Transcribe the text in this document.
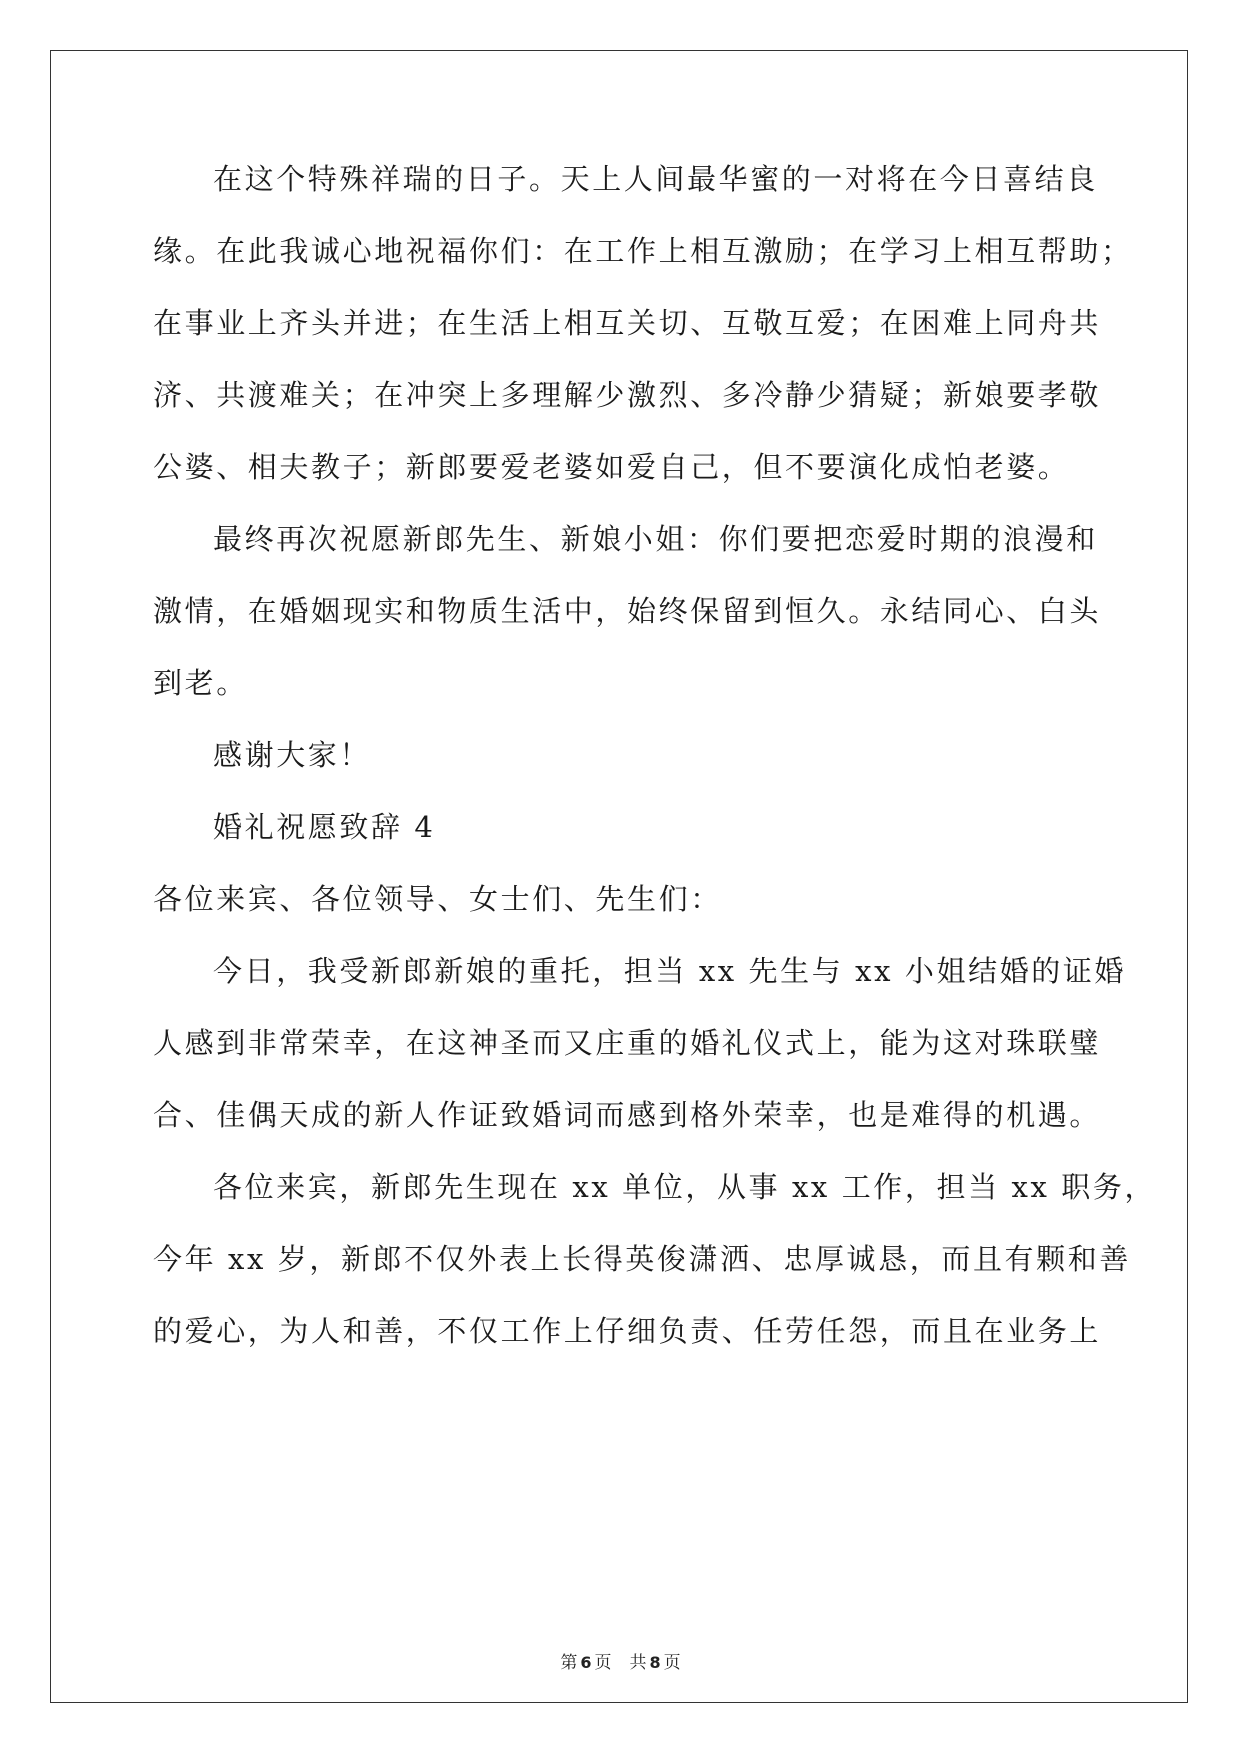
在这个特殊祥瑞的日子。天上人间最华蜜的一对将在今日喜结良
缘。在此我诚心地祝福你们：在工作上相互激励；在学习上相互帮助；
在事业上齐头并进；在生活上相互关切、互敬互爱；在困难上同舟共
济、共渡难关；在冲突上多理解少激烈、多冷静少猜疑；新娘要孝敬
公婆、相夫教子；新郎要爱老婆如爱自己，但不要演化成怕老婆。
最终再次祝愿新郎先生、新娘小姐：你们要把恋爱时期的浪漫和
激情，在婚姻现实和物质生活中，始终保留到恒久。永结同心、白头
到老。
感谢大家！
婚礼祝愿致辞 4
各位来宾、各位领导、女士们、先生们：
今日，我受新郎新娘的重托，担当 xx 先生与 xx 小姐结婚的证婚
人感到非常荣幸，在这神圣而又庄重的婚礼仪式上，能为这对珠联璧
合、佳偶天成的新人作证致婚词而感到格外荣幸，也是难得的机遇。
各位来宾，新郎先生现在 xx 单位，从事 xx 工作，担当 xx 职务，
今年 xx 岁，新郎不仅外表上长得英俊潇洒、忠厚诚恳，而且有颗和善
的爱心，为人和善，不仅工作上仔细负责、任劳任怨，而且在业务上
第 6 页 共 8 页
